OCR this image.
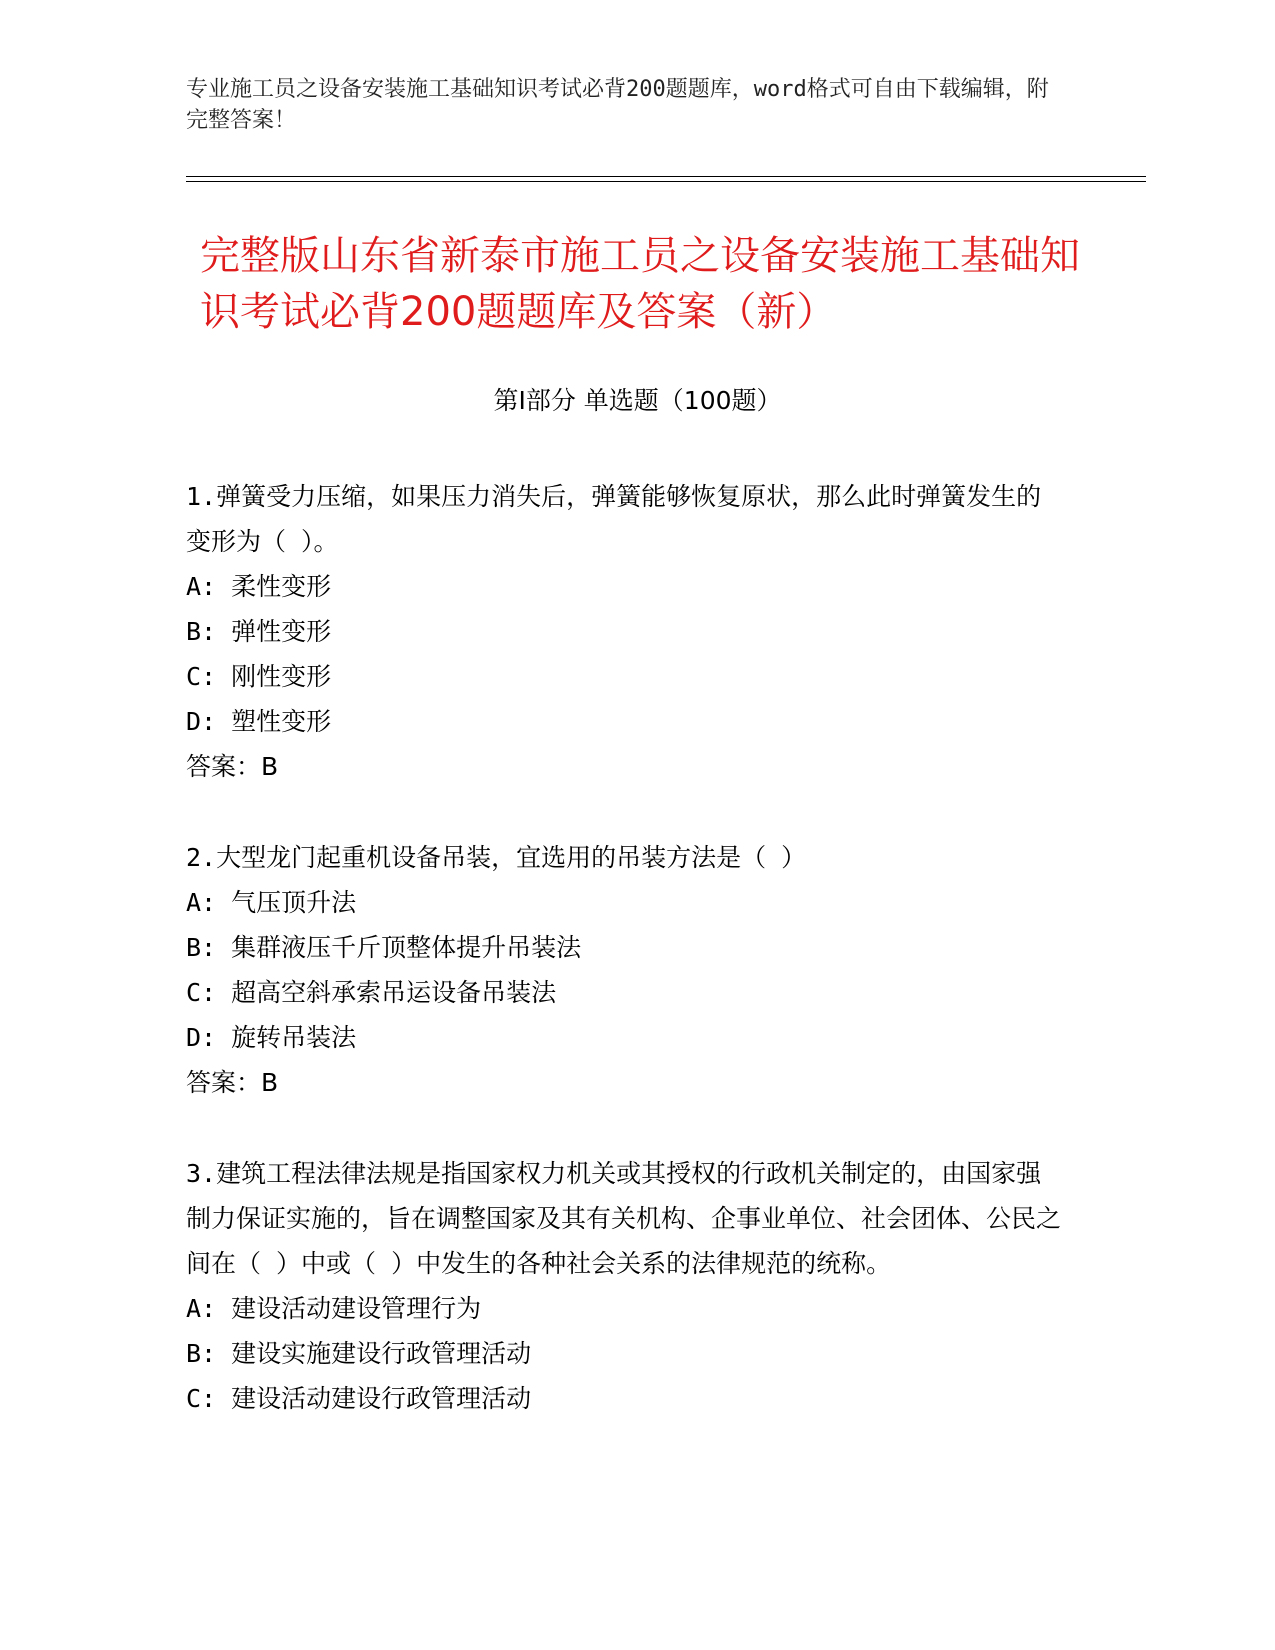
专业施工员之设备安装施工基础知识考试必背200题题库，word格式可自由下载编辑，附完整答案！
完整版山东省新泰市施工员之设备安装施工基础知识考试必背200题题库及答案（新）
第I部分 单选题（100题）

1.弹簧受力压缩，如果压力消失后，弹簧能够恢复原状，那么此时弹簧发生的变形为（ ）。

A: 柔性变形

B: 弹性变形

C: 刚性变形

D: 塑性变形

答案：B

2.大型龙门起重机设备吊装，宜选用的吊装方法是（ ）

A: 气压顶升法

B: 集群液压千斤顶整体提升吊装法

C: 超高空斜承索吊运设备吊装法

D: 旋转吊装法

答案：B

3.建筑工程法律法规是指国家权力机关或其授权的行政机关制定的，由国家强制力保证实施的，旨在调整国家及其有关机构、企事业单位、社会团体、公民之间在（ ）中或（ ）中发生的各种社会关系的法律规范的统称。

A: 建设活动建设管理行为

B: 建设实施建设行政管理活动

C: 建设活动建设行政管理活动
